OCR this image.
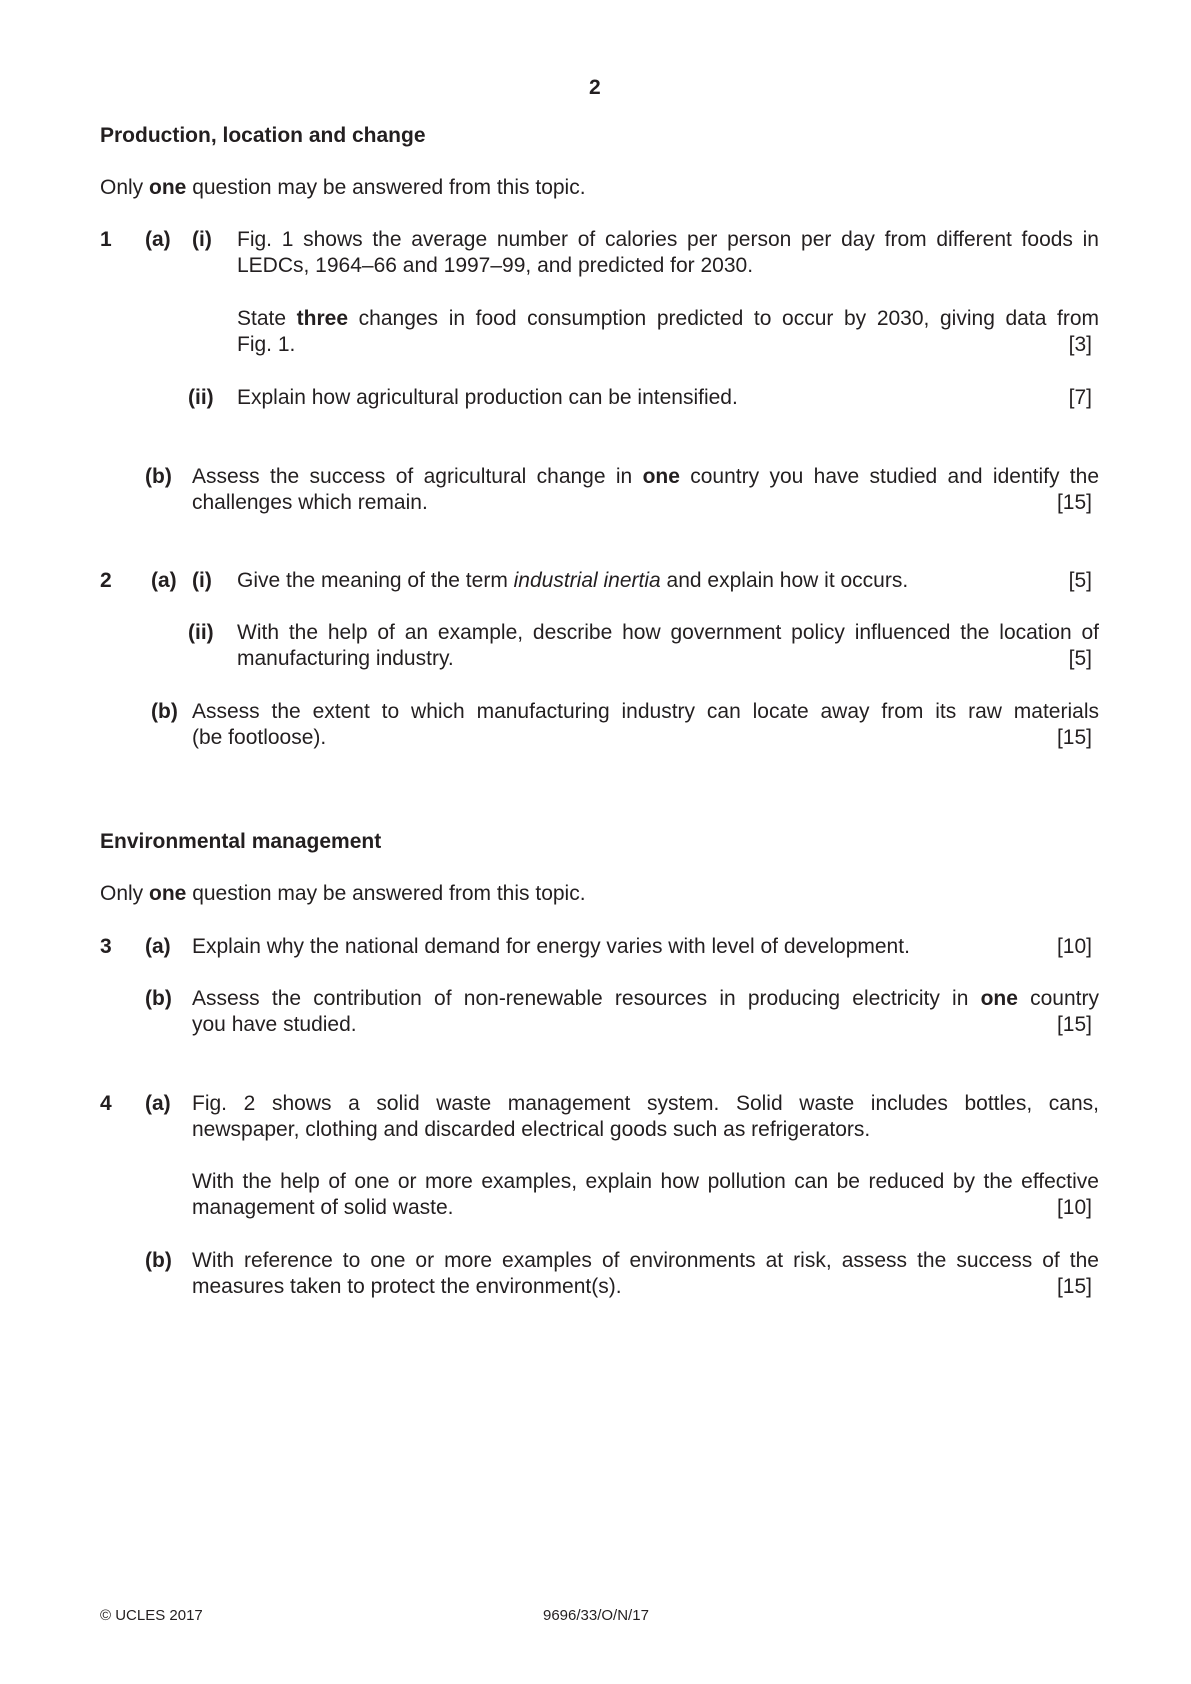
2
Production, location and change
Only one question may be answered from this topic.
1 (a) (i) Fig. 1 shows the average number of calories per person per day from different foods in
LEDCs, 1964–66 and 1997–99, and predicted for 2030.
State three changes in food consumption predicted to occur by 2030, giving data from
Fig. 1.	[3]
(ii) Explain how agricultural production can be intensified.	[7]
(b) Assess the success of agricultural change in one country you have studied and identify the
challenges which remain.	[15]
2 (a) (i) Give the meaning of the term industrial inertia and explain how it occurs.	[5]
(ii) With the help of an example, describe how government policy influenced the location of
manufacturing industry.	[5]
(b) Assess the extent to which manufacturing industry can locate away from its raw materials
(be footloose).	[15]
Environmental management
Only one question may be answered from this topic.
3 (a) Explain why the national demand for energy varies with level of development.	[10]
(b) Assess the contribution of non-renewable resources in producing electricity in one country
you have studied.	[15]
4 (a) Fig. 2 shows a solid waste management system. Solid waste includes bottles, cans,
newspaper, clothing and discarded electrical goods such as refrigerators.
With the help of one or more examples, explain how pollution can be reduced by the effective
management of solid waste.	[10]
(b) With reference to one or more examples of environments at risk, assess the success of the
measures taken to protect the environment(s).	[15]
© UCLES 2017	9696/33/O/N/17
